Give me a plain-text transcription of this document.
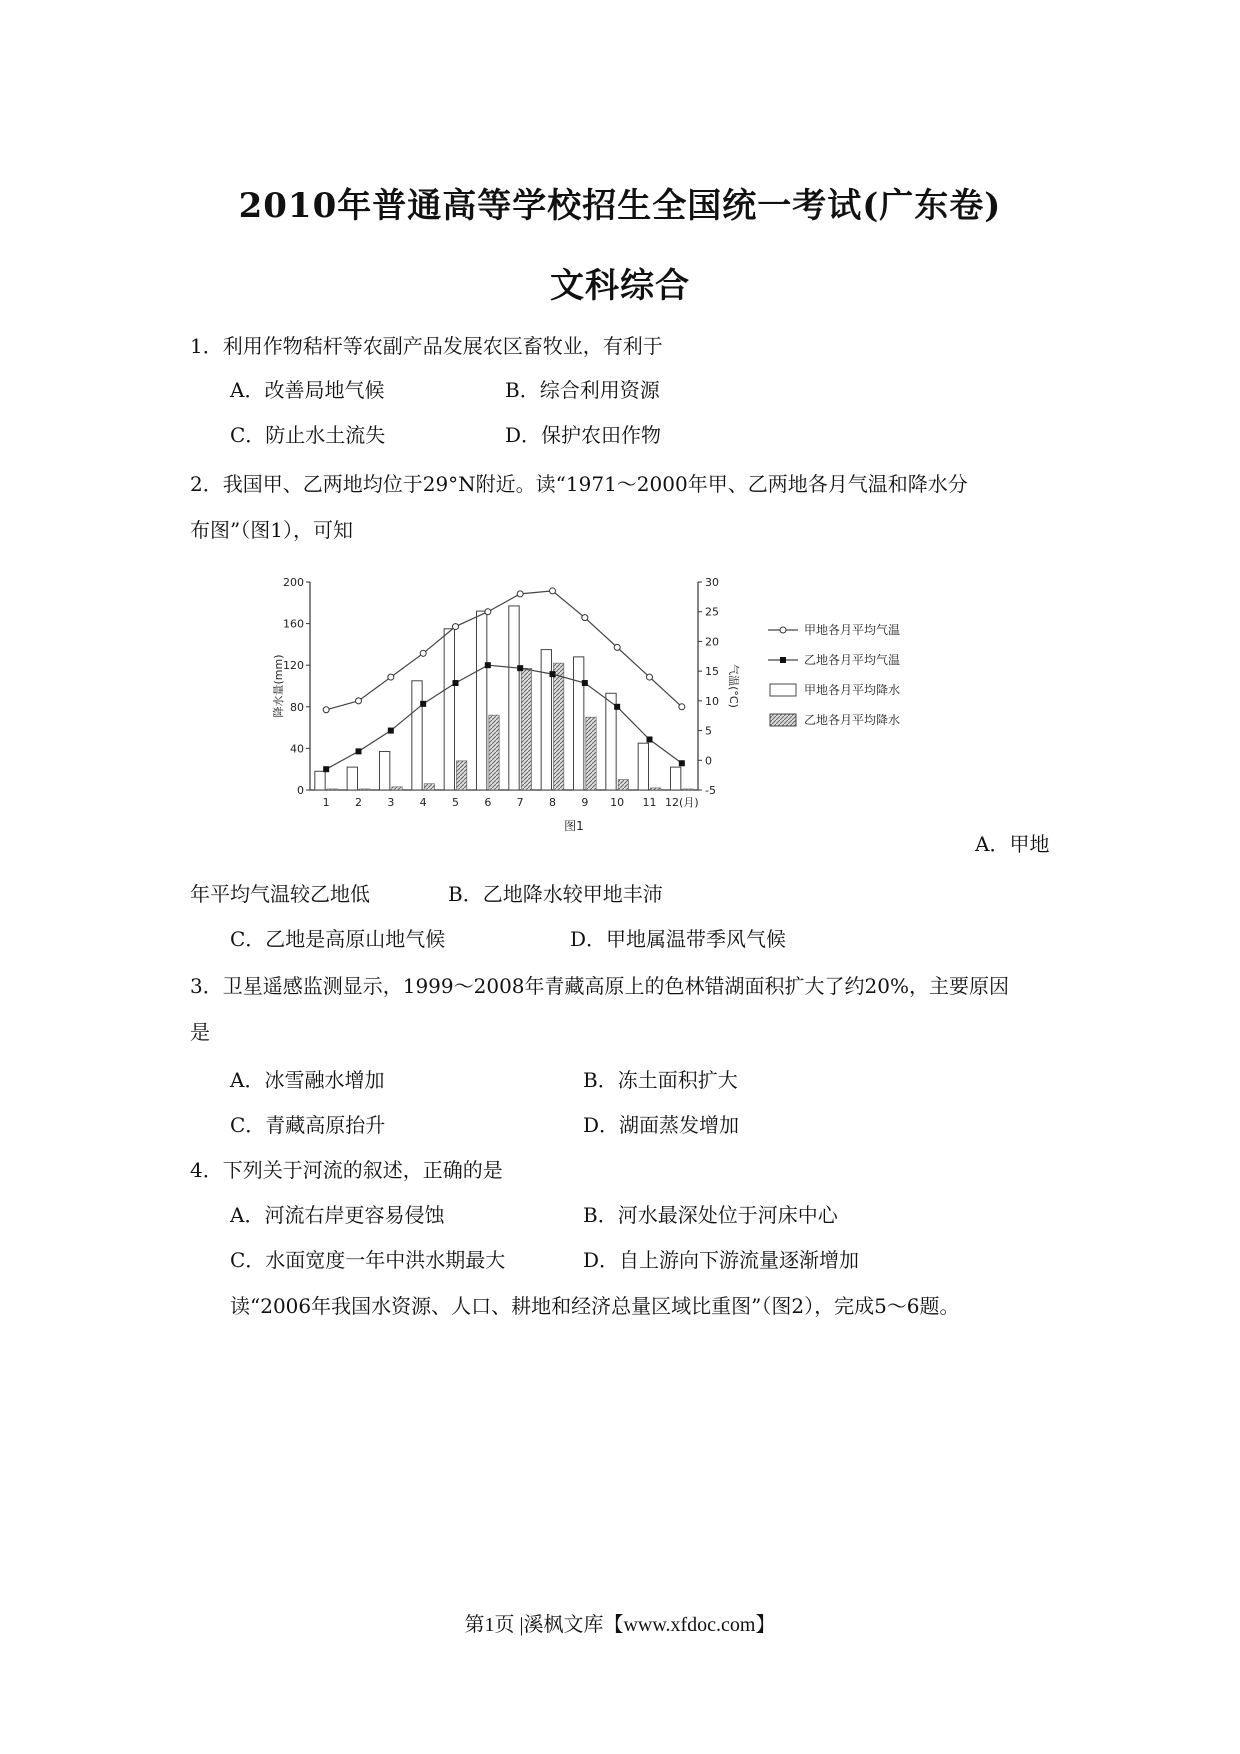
2010年普通高等学校招生全国统一考试(广东卷)
文科综合
1．利用作物秸杆等农副产品发展农区畜牧业，有利于
A．改善局地气候	B．综合利用资源
C．防止水土流失	D．保护农田作物
2．我国甲、乙两地均位于29°N附近。读“1971～2000年甲、乙两地各月气温和降水分
布图”（图1），可知
0
40
80
120
160
200
-5
0
5
10
15
20
25
30
降水量(mm)	气温(°C)
1 2 3 4 5 6 7 8 9 10 11 12(月)
甲地各月平均气温
乙地各月平均气温
甲地各月平均降水
乙地各月平均降水
图1
A．甲地
年平均气温较乙地低	B．乙地降水较甲地丰沛
C．乙地是高原山地气候	D．甲地属温带季风气候
3．卫星遥感监测显示，1999～2008年青藏高原上的色林错湖面积扩大了约20%，主要原因
是
A．冰雪融水增加	B．冻土面积扩大
C．青藏高原抬升	D．湖面蒸发增加
4．下列关于河流的叙述，正确的是
A．河流右岸更容易侵蚀	B．河水最深处位于河床中心
C．水面宽度一年中洪水期最大	D．自上游向下游流量逐渐增加
读“2006年我国水资源、人口、耕地和经济总量区域比重图”（图2），完成5～6题。
第1页 |溪枫文库【www.xfdoc.com】
